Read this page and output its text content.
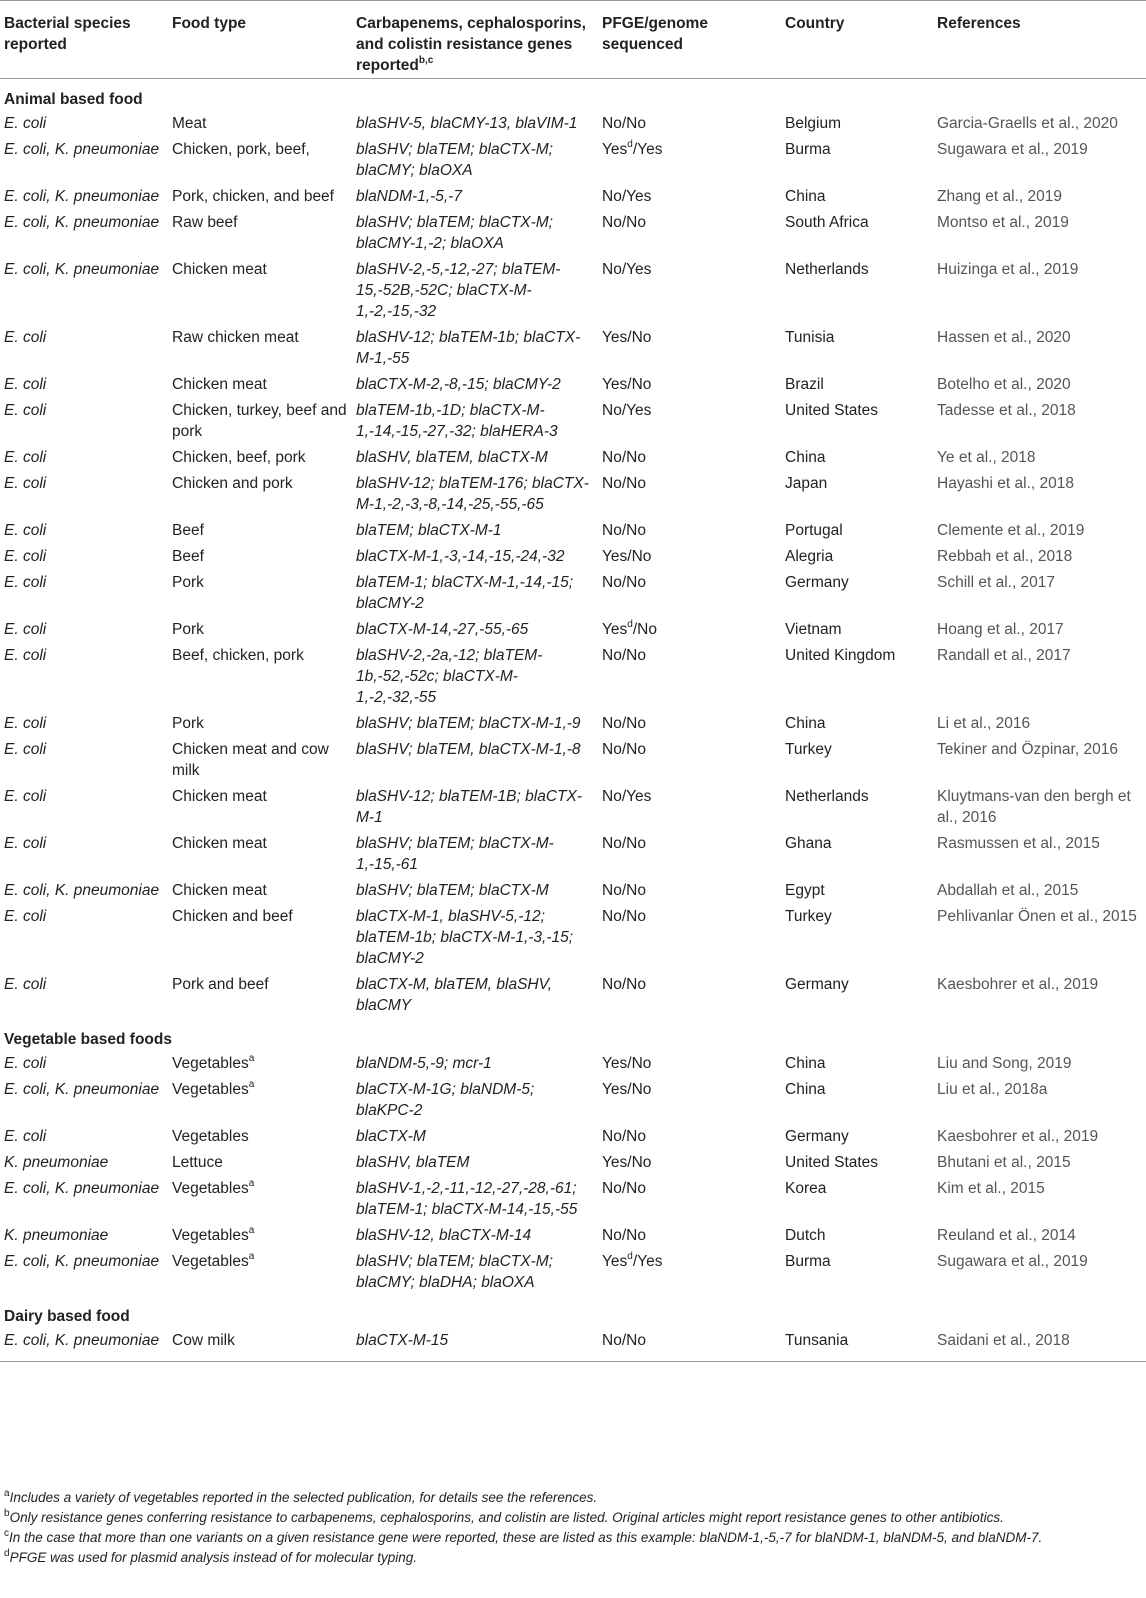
Bacterial species reported	Food type	Carbapenems, cephalosporins, and colistin resistance genes reported$^{b,c}$	PFGE/genome sequenced	Country	References
Animal based food					
E. coli	Meat	blaSHV-5, blaCMY-13, blaVIM-1	No/No	Belgium	Garcia-Graells et al., 2020
E. coli, K. pneumoniae	Chicken, pork, beef,	blaSHV; blaTEM; blaCTX-M; blaCMY; blaOXA	Yes$^d$/Yes	Burma	Sugawara et al., 2019
E. coli, K. pneumoniae	Pork, chicken, and beef	blaNDM-1,-5,-7	No/Yes	China	Zhang et al., 2019
E. coli, K. pneumoniae	Raw beef	blaSHV; blaTEM; blaCTX-M; blaCMY-1,-2; blaOXA	No/No	South Africa	Montso et al., 2019
E. coli, K. pneumoniae	Chicken meat	blaSHV-2,-5,-12,-27; blaTEM-15,-52B,-52C; blaCTX-M-1,-2,-15,-32	No/Yes	Netherlands	Huizinga et al., 2019
E. coli	Raw chicken meat	blaSHV-12; blaTEM-1b; blaCTX-M-1,-55	Yes/No	Tunisia	Hassen et al., 2020
E. coli	Chicken meat	blaCTX-M-2,-8,-15; blaCMY-2	Yes/No	Brazil	Botelho et al., 2020
E. coli	Chicken, turkey, beef and pork	blaTEM-1b,-1D; blaCTX-M-1,-14,-15,-27,-32; blaHERA-3	No/Yes	United States	Tadesse et al., 2018
E. coli	Chicken, beef, pork	blaSHV, blaTEM, blaCTX-M	No/No	China	Ye et al., 2018
E. coli	Chicken and pork	blaSHV-12; blaTEM-176; blaCTX-M-1,-2,-3,-8,-14,-25,-55,-65	No/No	Japan	Hayashi et al., 2018
E. coli	Beef	blaTEM; blaCTX-M-1	No/No	Portugal	Clemente et al., 2019
E. coli	Beef	blaCTX-M-1,-3,-14,-15,-24,-32	Yes/No	Alegria	Rebbah et al., 2018
E. coli	Pork	blaTEM-1; blaCTX-M-1,-14,-15; blaCMY-2	No/No	Germany	Schill et al., 2017
E. coli	Pork	blaCTX-M-14,-27,-55,-65	Yes$^d$/No	Vietnam	Hoang et al., 2017
E. coli	Beef, chicken, pork	blaSHV-2,-2a,-12; blaTEM-1b,-52,-52c; blaCTX-M-1,-2,-32,-55	No/No	United Kingdom	Randall et al., 2017
E. coli	Pork	blaSHV; blaTEM; blaCTX-M-1,-9	No/No	China	Li et al., 2016
E. coli	Chicken meat and cow milk	blaSHV; blaTEM, blaCTX-M-1,-8	No/No	Turkey	Tekiner and Özpinar, 2016
E. coli	Chicken meat	blaSHV-12; blaTEM-1B; blaCTX-M-1	No/Yes	Netherlands	Kluytmans-van den bergh et al., 2016
E. coli	Chicken meat	blaSHV; blaTEM; blaCTX-M-1,-15,-61	No/No	Ghana	Rasmussen et al., 2015
E. coli, K. pneumoniae	Chicken meat	blaSHV; blaTEM; blaCTX-M	No/No	Egypt	Abdallah et al., 2015
E. coli	Chicken and beef	blaCTX-M-1, blaSHV-5,-12; blaTEM-1b; blaCTX-M-1,-3,-15; blaCMY-2	No/No	Turkey	Pehlivanlar Önen et al., 2015
E. coli	Pork and beef	blaCTX-M, blaTEM, blaSHV, blaCMY	No/No	Germany	Kaesbohrer et al., 2019
Vegetable based foods					
E. coli	Vegetables$^a$	blaNDM-5,-9; mcr-1	Yes/No	China	Liu and Song, 2019
E. coli, K. pneumoniae	Vegetables$^a$	blaCTX-M-1G; blaNDM-5; blaKPC-2	Yes/No	China	Liu et al., 2018a
E. coli	Vegetables	blaCTX-M	No/No	Germany	Kaesbohrer et al., 2019
K. pneumoniae	Lettuce	blaSHV, blaTEM	Yes/No	United States	Bhutani et al., 2015
E. coli, K. pneumoniae	Vegetables$^a$	blaSHV-1,-2,-11,-12,-27,-28,-61; blaTEM-1; blaCTX-M-14,-15,-55	No/No	Korea	Kim et al., 2015
K. pneumoniae	Vegetables$^a$	blaSHV-12, blaCTX-M-14	No/No	Dutch	Reuland et al., 2014
E. coli, K. pneumoniae	Vegetables$^a$	blaSHV; blaTEM; blaCTX-M; blaCMY; blaDHA; blaOXA	Yes$^d$/Yes	Burma	Sugawara et al., 2019
Dairy based food					
E. coli, K. pneumoniae	Cow milk	blaCTX-M-15	No/No	Tunsania	Saidani et al., 2018
$^a$Includes a variety of vegetables reported in the selected publication, for details see the references.
$^b$Only resistance genes conferring resistance to carbapenems, cephalosporins, and colistin are listed. Original articles might report resistance genes to other antibiotics.
$^c$In the case that more than one variants on a given resistance gene were reported, these are listed as this example: blaNDM-1,-5,-7 for blaNDM-1, blaNDM-5, and blaNDM-7.
$^d$PFGE was used for plasmid analysis instead of for molecular typing.
